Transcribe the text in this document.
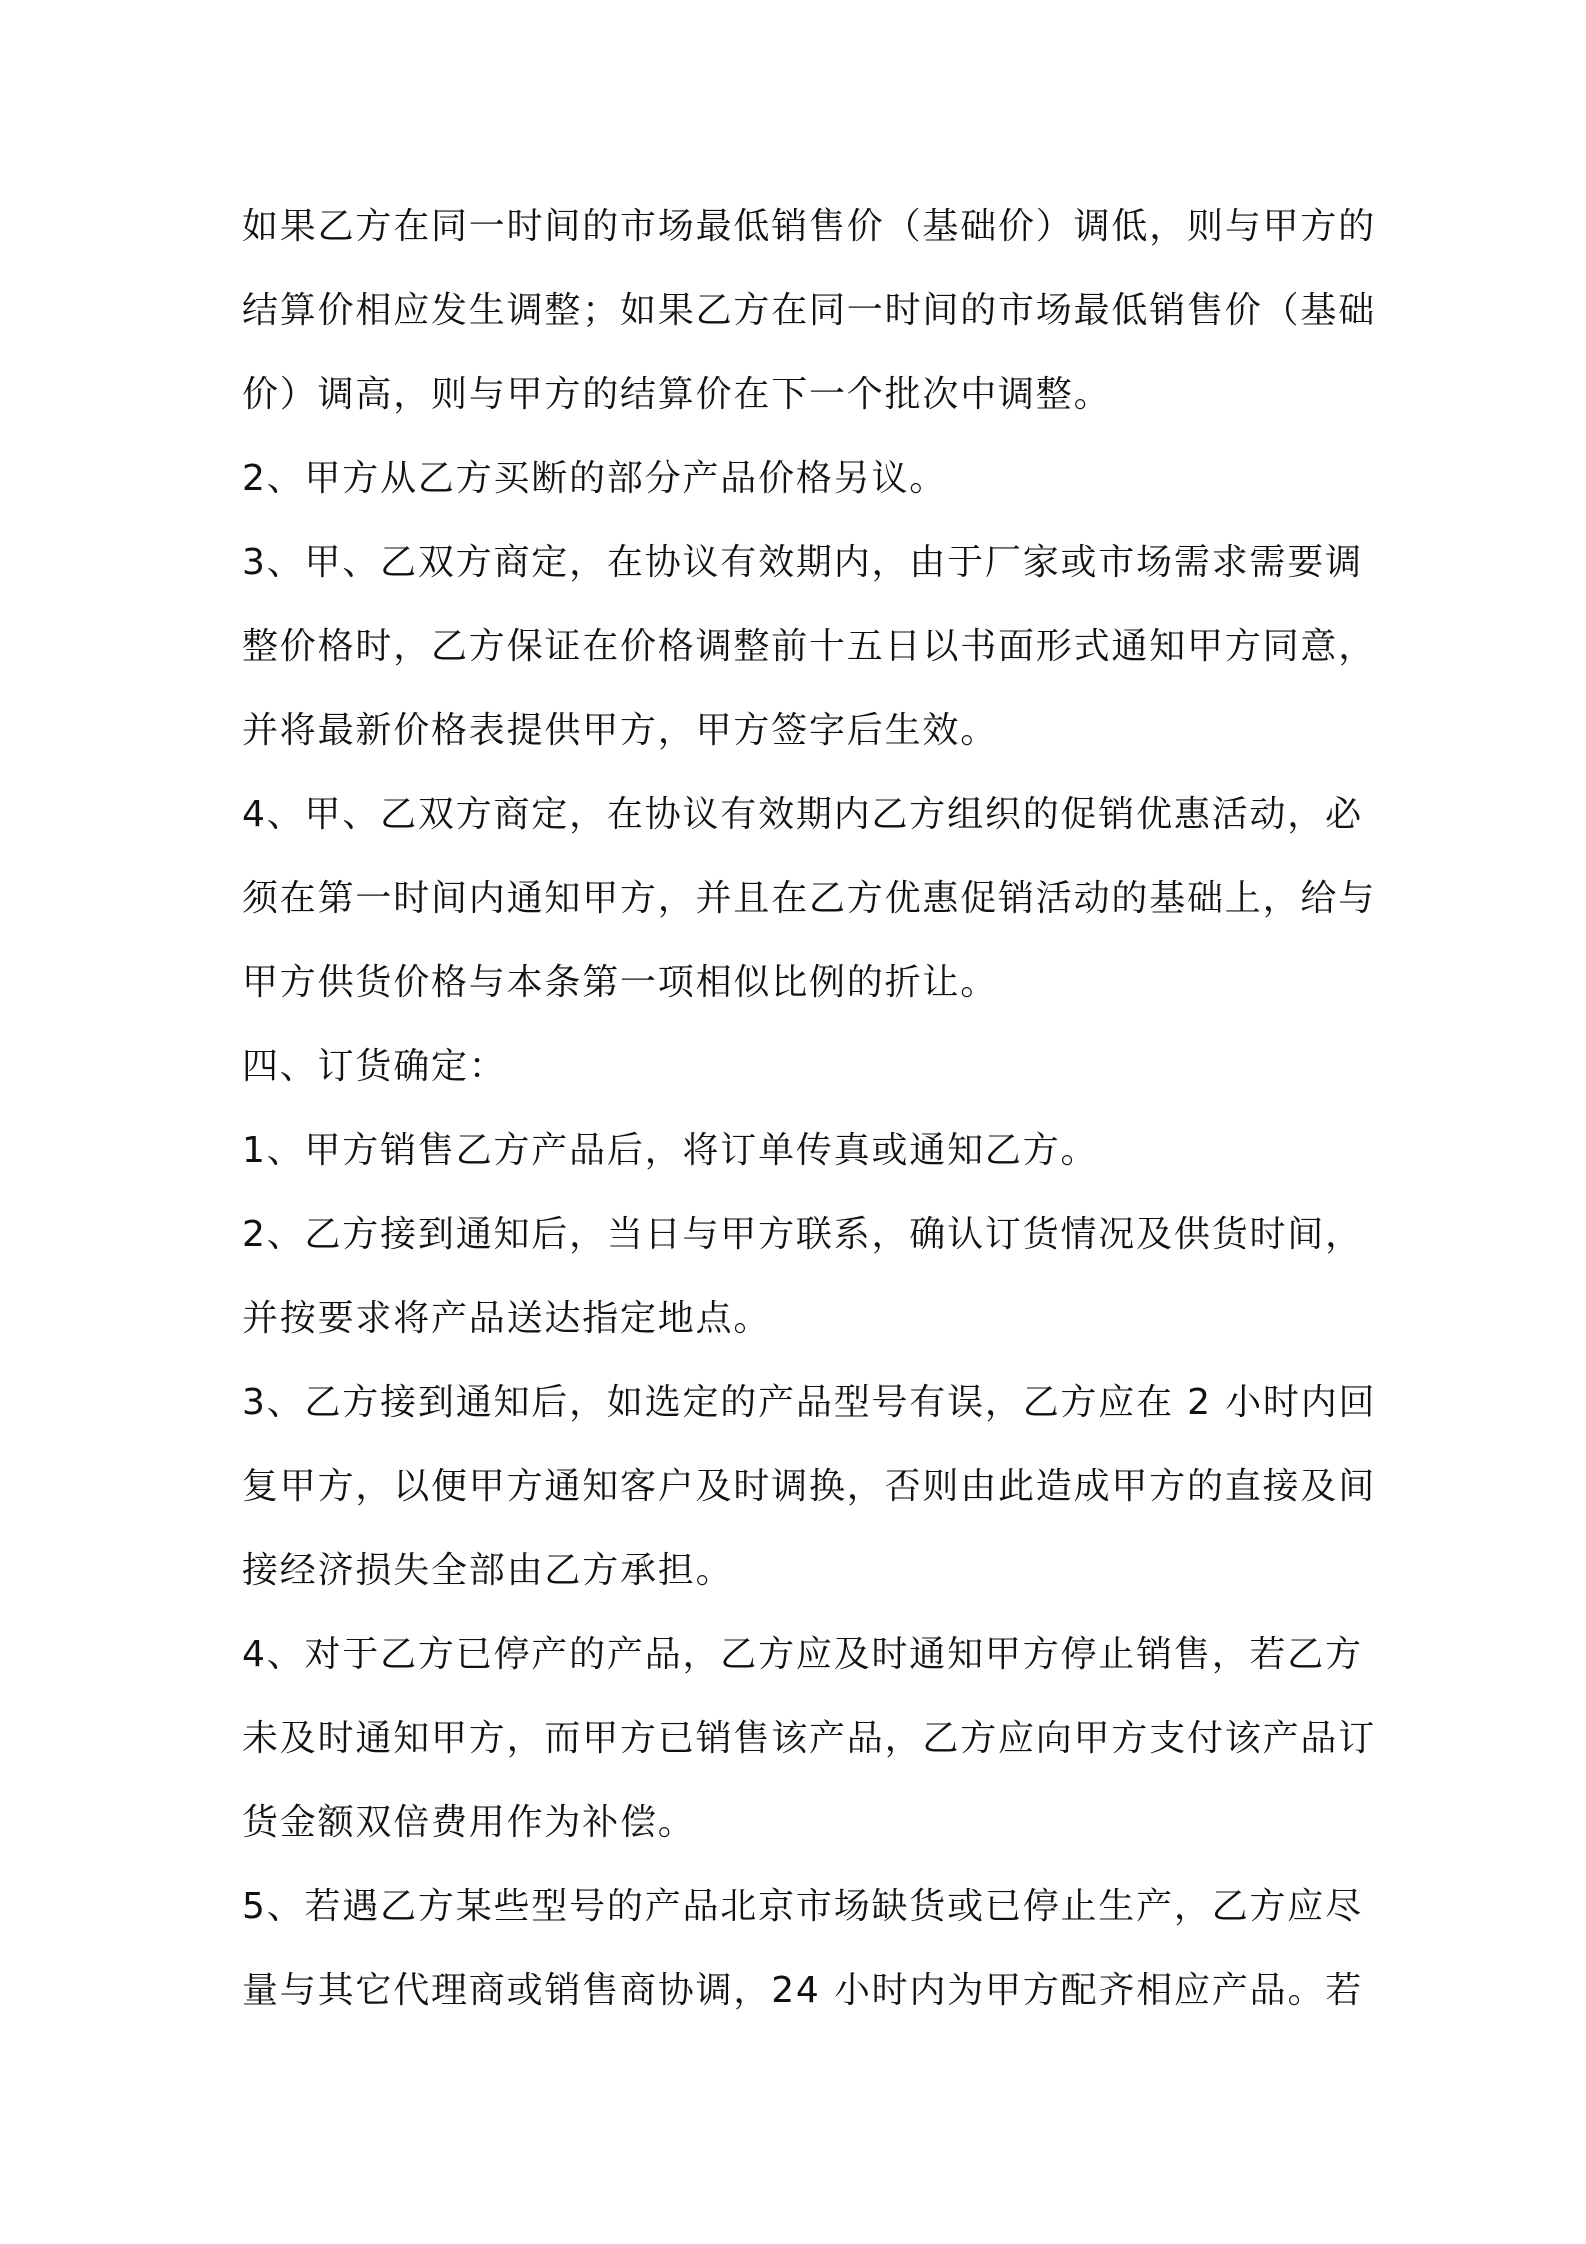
如果乙方在同一时间的市场最低销售价（基础价）调低，则与甲方的
结算价相应发生调整；如果乙方在同一时间的市场最低销售价（基础
价）调高，则与甲方的结算价在下一个批次中调整。
2、甲方从乙方买断的部分产品价格另议。
3、甲、乙双方商定，在协议有效期内，由于厂家或市场需求需要调
整价格时，乙方保证在价格调整前十五日以书面形式通知甲方同意，
并将最新价格表提供甲方，甲方签字后生效。
4、甲、乙双方商定，在协议有效期内乙方组织的促销优惠活动，必
须在第一时间内通知甲方，并且在乙方优惠促销活动的基础上，给与
甲方供货价格与本条第一项相似比例的折让。
四、订货确定：
1、甲方销售乙方产品后，将订单传真或通知乙方。
2、乙方接到通知后，当日与甲方联系，确认订货情况及供货时间，
并按要求将产品送达指定地点。
3、乙方接到通知后，如选定的产品型号有误，乙方应在 2 小时内回
复甲方，以便甲方通知客户及时调换，否则由此造成甲方的直接及间
接经济损失全部由乙方承担。
4、对于乙方已停产的产品，乙方应及时通知甲方停止销售，若乙方
未及时通知甲方，而甲方已销售该产品，乙方应向甲方支付该产品订
货金额双倍费用作为补偿。
5、若遇乙方某些型号的产品北京市场缺货或已停止生产，乙方应尽
量与其它代理商或销售商协调，24 小时内为甲方配齐相应产品。若
